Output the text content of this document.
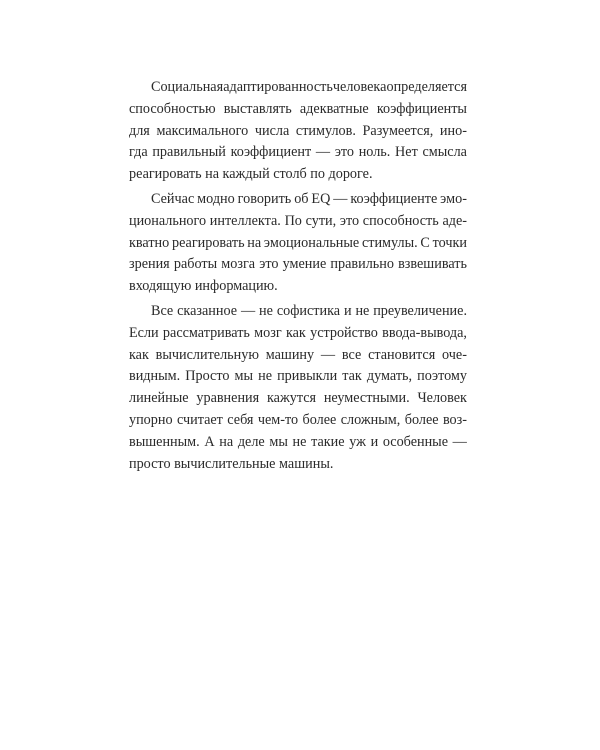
Социальная адаптированность человека определяется
способностью выставлять адекватные коэффициенты
для максимального числа стимулов. Разумеется, ино-
гда правильный коэффициент — это ноль. Нет смысла
реагировать на каждый столб по дороге.
Сейчас модно говорить об EQ — коэффициенте эмо-
ционального интеллекта. По сути, это способность аде-
кватно реагировать на эмоциональные стимулы. С точки
зрения работы мозга это умение правильно взвешивать
входящую информацию.
Все сказанное — не софистика и не преувеличение.
Если рассматривать мозг как устройство ввода-вывода,
как вычислительную машину — все становится оче-
видным. Просто мы не привыкли так думать, поэтому
линейные уравнения кажутся неуместными. Человек
упорно считает себя чем-то более сложным, более воз-
вышенным. А на деле мы не такие уж и особенные —
просто вычислительные машины.
